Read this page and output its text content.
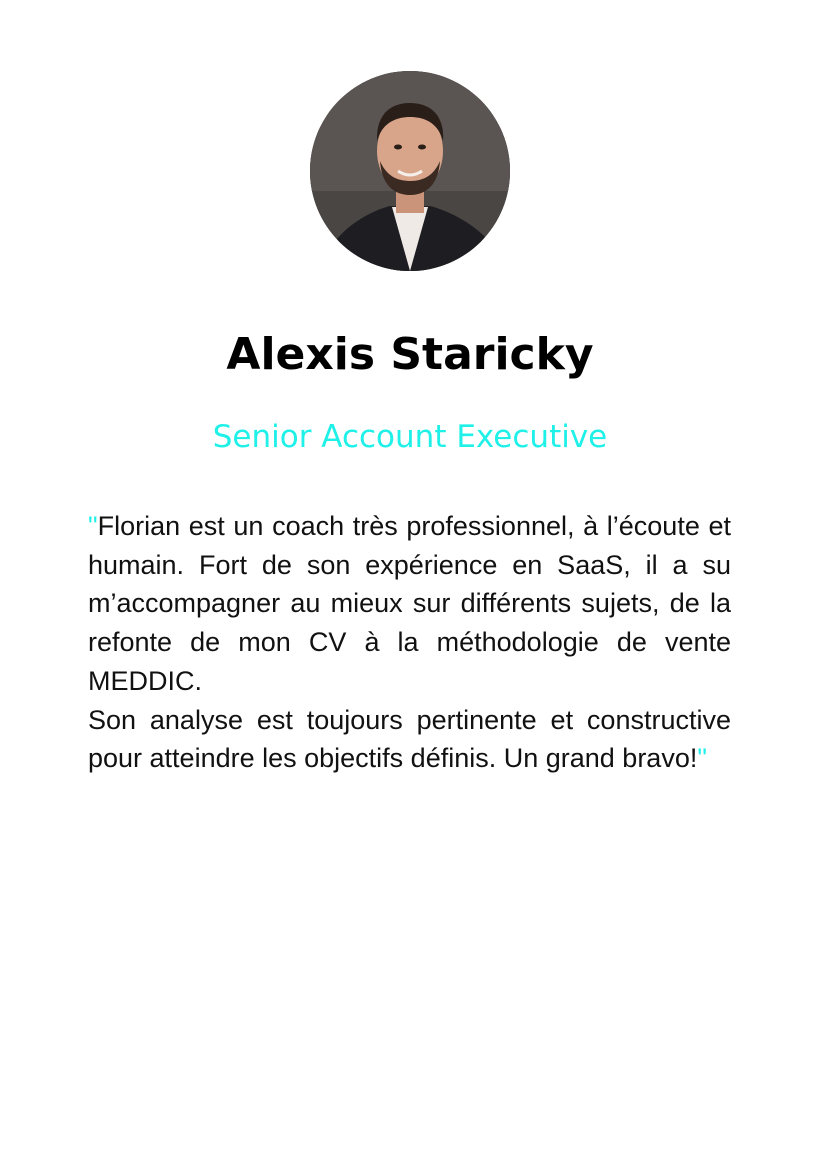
Alexis Staricky
Senior Account Executive

"Florian est un coach très professionnel, à l’écoute et humain. Fort de son expérience en SaaS, il a su m’accompagner au mieux sur différents sujets, de la refonte de mon CV à la méthodologie de vente MEDDIC.

Son analyse est toujours pertinente et constructive pour atteindre les objectifs définis. Un grand bravo!"
